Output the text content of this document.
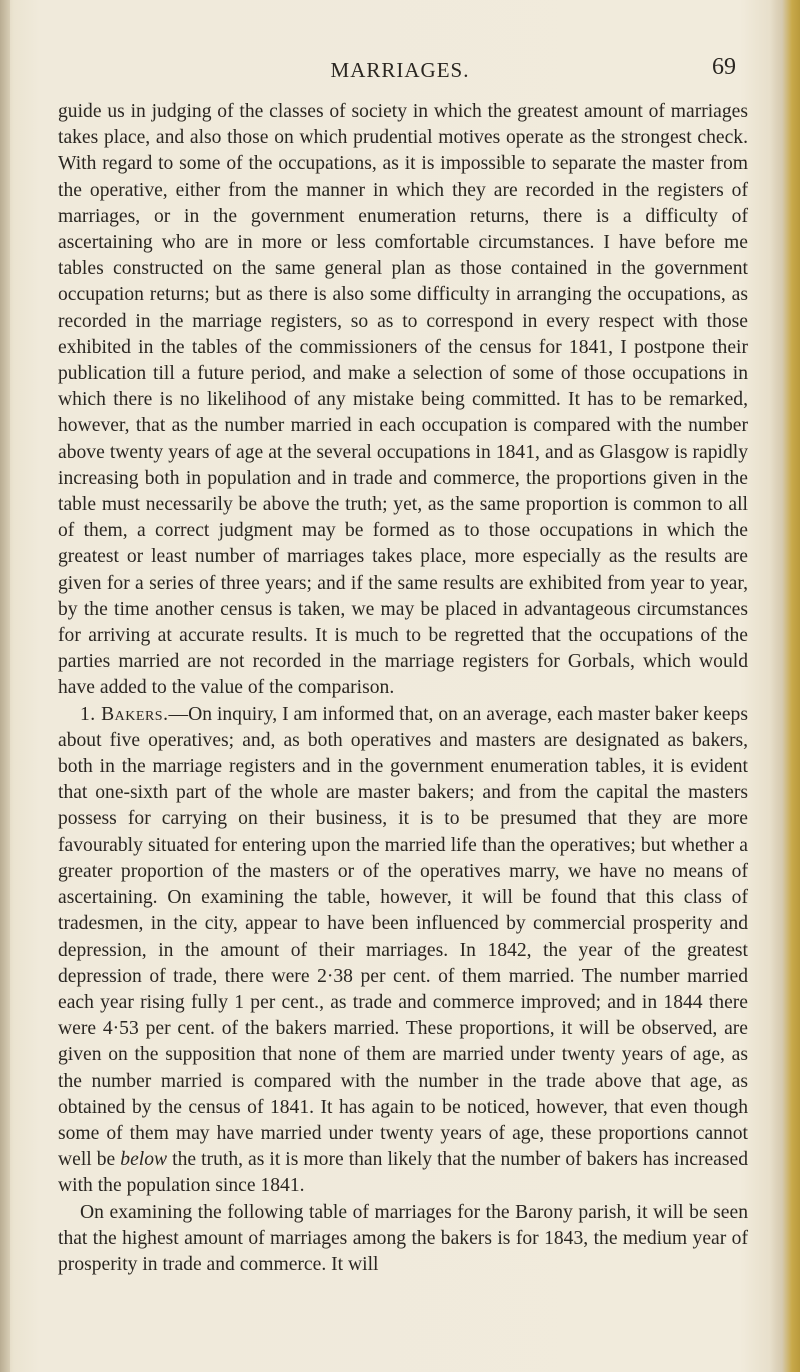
MARRIAGES.	69

guide us in judging of the classes of society in which the greatest amount of marriages takes place, and also those on which prudential motives operate as the strongest check. With regard to some of the occupations, as it is impossible to separate the master from the operative, either from the manner in which they are recorded in the registers of marriages, or in the government enumeration returns, there is a difficulty of ascertaining who are in more or less comfortable circumstances. I have before me tables constructed on the same general plan as those contained in the government occupation returns; but as there is also some difficulty in arranging the occupations, as recorded in the marriage registers, so as to correspond in every respect with those exhibited in the tables of the commissioners of the census for 1841, I postpone their publication till a future period, and make a selection of some of those occupations in which there is no likelihood of any mistake being committed. It has to be remarked, however, that as the number married in each occupation is compared with the number above twenty years of age at the several occupations in 1841, and as Glasgow is rapidly increasing both in population and in trade and commerce, the proportions given in the table must necessarily be above the truth; yet, as the same proportion is common to all of them, a correct judgment may be formed as to those occupations in which the greatest or least number of marriages takes place, more especially as the results are given for a series of three years; and if the same results are exhibited from year to year, by the time another census is taken, we may be placed in advantageous circumstances for arriving at accurate results. It is much to be regretted that the occupations of the parties married are not recorded in the marriage registers for Gorbals, which would have added to the value of the comparison.

1. Bakers.—On inquiry, I am informed that, on an average, each master baker keeps about five operatives; and, as both operatives and masters are designated as bakers, both in the marriage registers and in the government enumeration tables, it is evident that one-sixth part of the whole are master bakers; and from the capital the masters possess for carrying on their business, it is to be presumed that they are more favourably situated for entering upon the married life than the operatives; but whether a greater proportion of the masters or of the operatives marry, we have no means of ascertaining. On examining the table, however, it will be found that this class of tradesmen, in the city, appear to have been influenced by commercial prosperity and depression, in the amount of their marriages. In 1842, the year of the greatest depression of trade, there were 2·38 per cent. of them married. The number married each year rising fully 1 per cent., as trade and commerce improved; and in 1844 there were 4·53 per cent. of the bakers married. These proportions, it will be observed, are given on the supposition that none of them are married under twenty years of age, as the number married is compared with the number in the trade above that age, as obtained by the census of 1841. It has again to be noticed, however, that even though some of them may have married under twenty years of age, these proportions cannot well be below the truth, as it is more than likely that the number of bakers has increased with the population since 1841.

On examining the following table of marriages for the Barony parish, it will be seen that the highest amount of marriages among the bakers is for 1843, the medium year of prosperity in trade and commerce. It will
